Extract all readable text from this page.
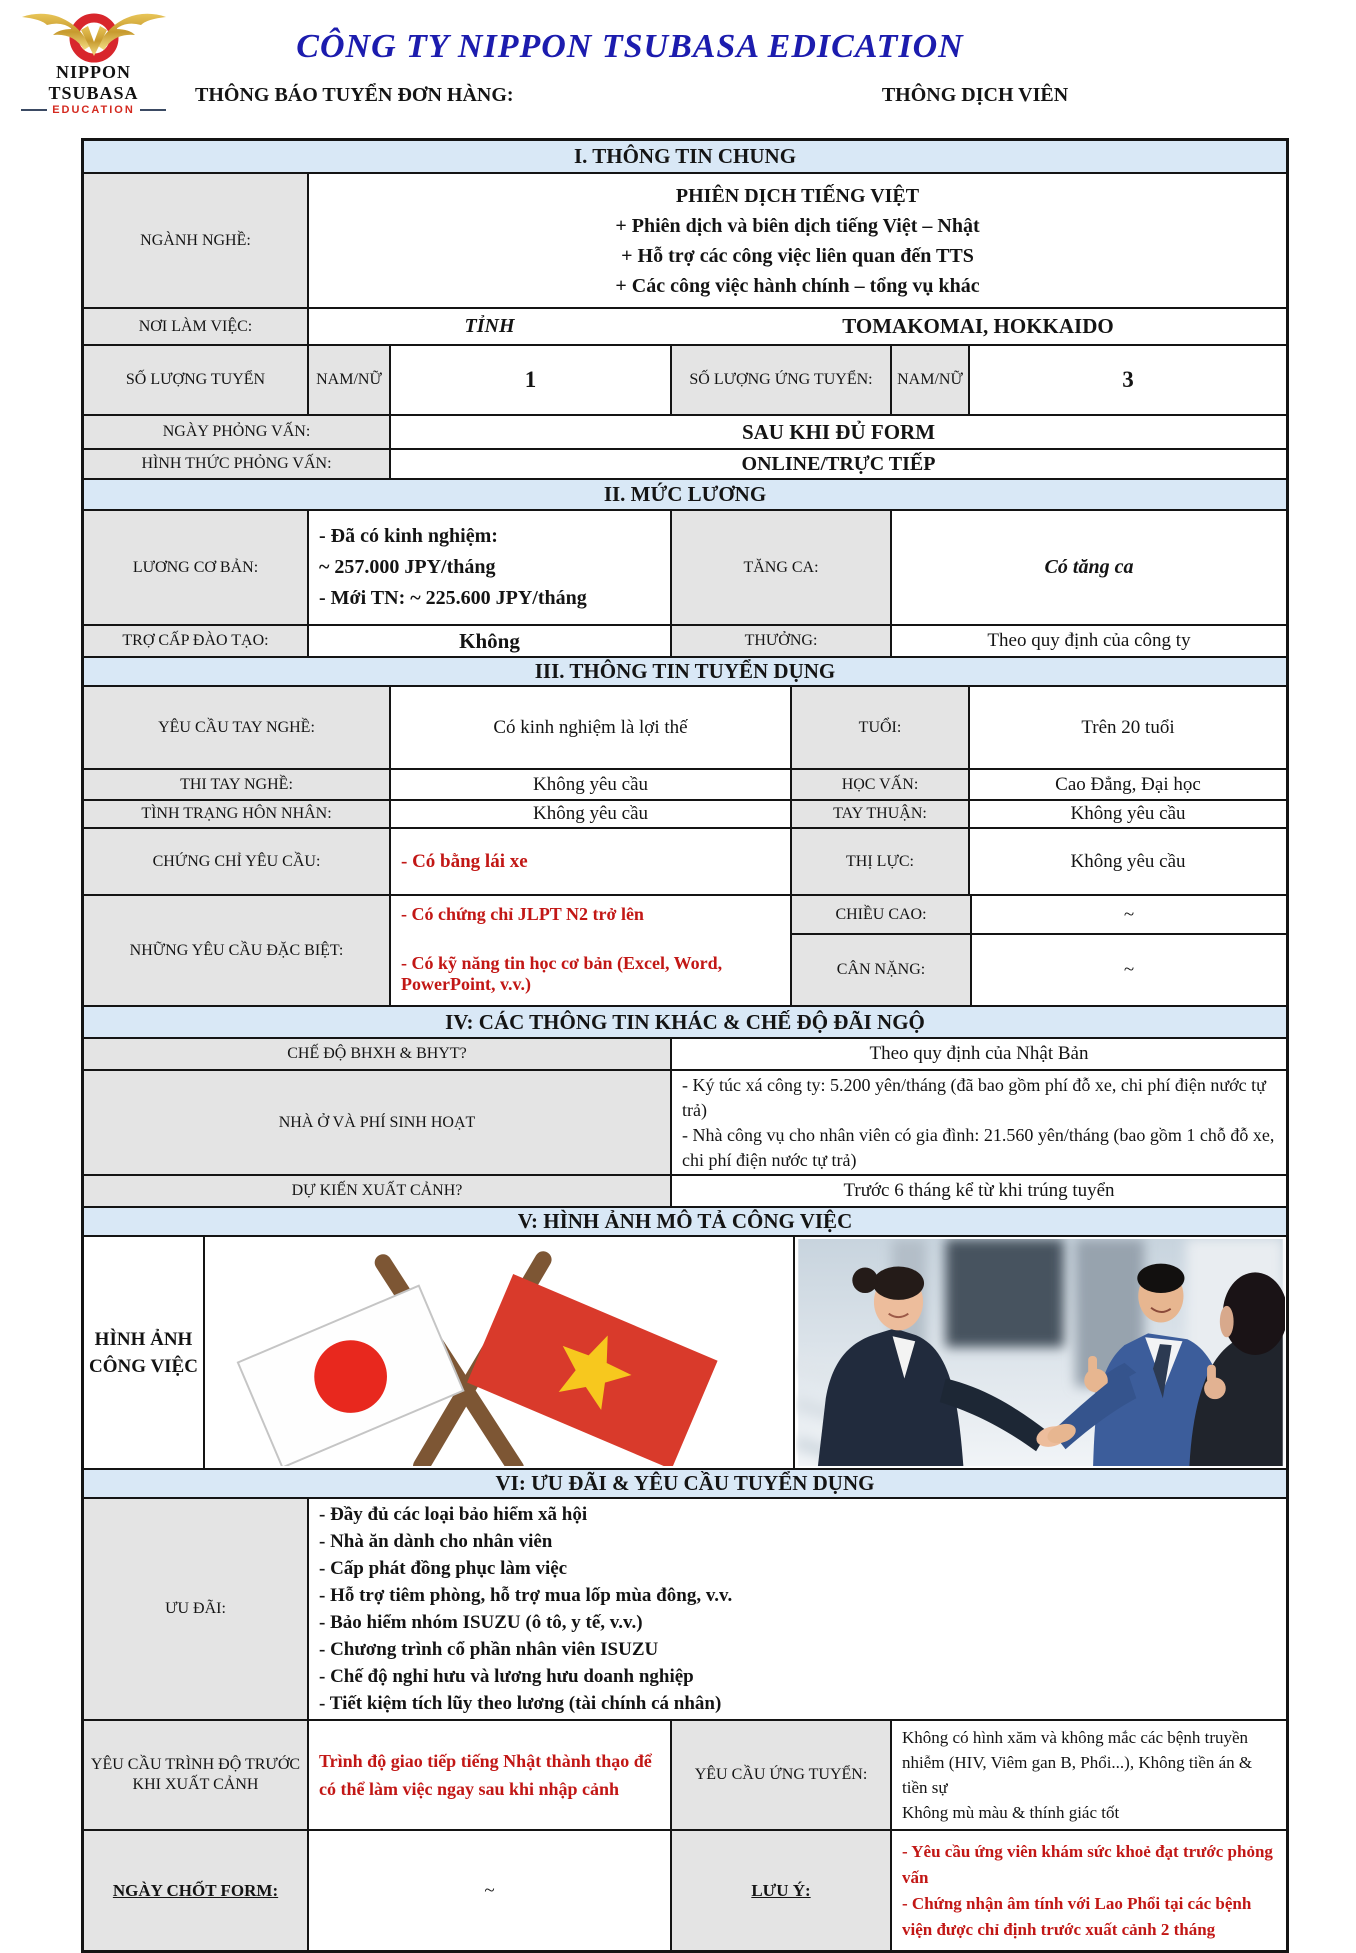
NIPPON TSUBASA
EDUCATION
CÔNG TY NIPPON TSUBASA EDICATION
THÔNG BÁO TUYỂN ĐƠN HÀNG:	THÔNG DỊCH VIÊN
I. THÔNG TIN CHUNG
NGÀNH NGHỀ:
PHIÊN DỊCH TIẾNG VIỆT
+ Phiên dịch và biên dịch tiếng Việt – Nhật
+ Hỗ trợ các công việc liên quan đến TTS
+ Các công việc hành chính – tổng vụ khác
NƠI LÀM VIỆC:	TỈNH	TOMAKOMAI, HOKKAIDO
SỐ LƯỢNG TUYỂN	NAM/NỮ	1	SỐ LƯỢNG ỨNG TUYỂN:	NAM/NỮ	3
NGÀY PHỎNG VẤN:	SAU KHI ĐỦ FORM
HÌNH THỨC PHỎNG VẤN:	ONLINE/TRỰC TIẾP
II. MỨC LƯƠNG
LƯƠNG CƠ BẢN:
- Đã có kinh nghiệm:
~ 257.000 JPY/tháng
- Mới TN: ~ 225.600 JPY/tháng
TĂNG CA:	Có tăng ca
TRỢ CẤP ĐÀO TẠO:	Không	THƯỞNG:	Theo quy định của công ty
III. THÔNG TIN TUYỂN DỤNG
YÊU CẦU TAY NGHỀ:	Có kinh nghiệm là lợi thế	TUỔI:	Trên 20 tuổi
THI TAY NGHỀ:	Không yêu cầu	HỌC VẤN:	Cao Đẳng, Đại học
TÌNH TRẠNG HÔN NHÂN:	Không yêu cầu	TAY THUẬN:	Không yêu cầu
CHỨNG CHỈ YÊU CẦU:	- Có bằng lái xe	THỊ LỰC:	Không yêu cầu
NHỮNG YÊU CẦU ĐẶC BIỆT:
- Có chứng chỉ JLPT N2 trở lên
- Có kỹ năng tin học cơ bản (Excel, Word, PowerPoint, v.v.)
CHIỀU CAO:	~
CÂN NẶNG:	~
IV: CÁC THÔNG TIN KHÁC & CHẾ ĐỘ ĐÃI NGỘ
CHẾ ĐỘ BHXH & BHYT?	Theo quy định của Nhật Bản
NHÀ Ở VÀ PHÍ SINH HOẠT
- Ký túc xá công ty: 5.200 yên/tháng (đã bao gồm phí đỗ xe, chi phí điện nước tự trả)
- Nhà công vụ cho nhân viên có gia đình: 21.560 yên/tháng (bao gồm 1 chỗ đỗ xe, chi phí điện nước tự trả)
DỰ KIẾN XUẤT CẢNH?	Trước 6 tháng kể từ khi trúng tuyển
V: HÌNH ẢNH MÔ TẢ CÔNG VIỆC
HÌNH ẢNH
CÔNG VIỆC
VI: ƯU ĐÃI & YÊU CẦU TUYỂN DỤNG
ƯU ĐÃI:
- Đầy đủ các loại bảo hiểm xã hội
- Nhà ăn dành cho nhân viên
- Cấp phát đồng phục làm việc
- Hỗ trợ tiêm phòng, hỗ trợ mua lốp mùa đông, v.v.
- Bảo hiểm nhóm ISUZU (ô tô, y tế, v.v.)
- Chương trình cổ phần nhân viên ISUZU
- Chế độ nghỉ hưu và lương hưu doanh nghiệp
- Tiết kiệm tích lũy theo lương (tài chính cá nhân)
YÊU CẦU TRÌNH ĐỘ TRƯỚC KHI XUẤT CẢNH
Trình độ giao tiếp tiếng Nhật thành thạo để có thể làm việc ngay sau khi nhập cảnh
YÊU CẦU ỨNG TUYỂN:
Không có hình xăm và không mắc các bệnh truyền nhiễm (HIV, Viêm gan B, Phổi...), Không tiền án & tiền sự
Không mù màu & thính giác tốt
NGÀY CHỐT FORM:	~	LƯU Ý:
- Yêu cầu ứng viên khám sức khoẻ đạt trước phỏng vấn
- Chứng nhận âm tính với Lao Phổi tại các bệnh viện được chỉ định trước xuất cảnh 2 tháng
